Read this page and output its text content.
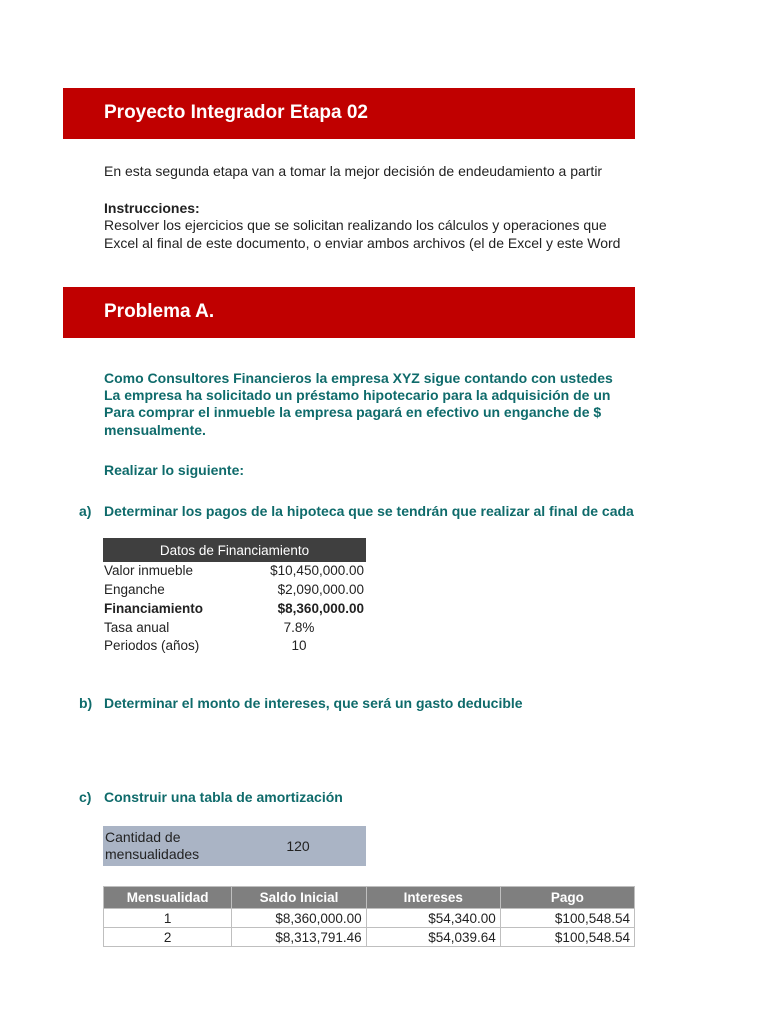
Proyecto Integrador Etapa 02
En esta segunda etapa van a tomar la mejor decisión de endeudamiento a partir
Instrucciones:
Resolver los ejercicios que se solicitan realizando los cálculos y operaciones que
Excel al final de este documento, o enviar ambos archivos (el de Excel y este Word
Problema A.
Como Consultores Financieros la empresa XYZ sigue contando con ustedes
La empresa ha solicitado un préstamo hipotecario para la adquisición de un
Para comprar el inmueble la empresa pagará en efectivo un enganche de $
mensualmente.
Realizar lo siguiente:
a) Determinar los pagos de la hipoteca que se tendrán que realizar al final de cada
Datos de Financiamiento
Valor inmueble	$10,450,000.00
Enganche	$2,090,000.00
Financiamiento	$8,360,000.00
Tasa anual	7.8%
Periodos (años)	10
b) Determinar el monto de intereses, que será un gasto deducible
c) Construir una tabla de amortización
Cantidad de mensualidades	120
Mensualidad	Saldo Inicial	Intereses	Pago
1	$8,360,000.00	$54,340.00	$100,548.54
2	$8,313,791.46	$54,039.64	$100,548.54
